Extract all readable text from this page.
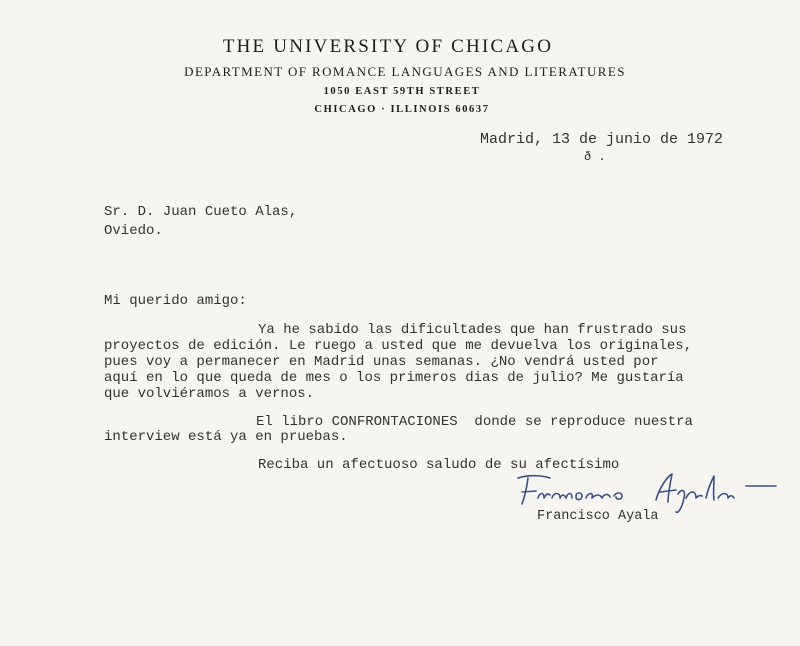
THE UNIVERSITY OF CHICAGO
DEPARTMENT OF ROMANCE LANGUAGES AND LITERATURES
1050 EAST 59TH STREET
CHICAGO · ILLINOIS 60637
Madrid, 13 de junio de 1972
ð .
Sr. D. Juan Cueto Alas,
Oviedo.
Mi querido amigo:
Ya he sabido las dificultades que han frustrado sus
proyectos de edición. Le ruego a usted que me devuelva los originales,
pues voy a permanecer en Madrid unas semanas. ¿No vendrá usted por
aquí en lo que queda de mes o los primeros dias de julio? Me gustaría
que volviéramos a vernos.
El libro CONFRONTACIONES  donde se reproduce nuestra
interview está ya en pruebas.
Reciba un afectuoso saludo de su afectísimo
Francisco Ayala
